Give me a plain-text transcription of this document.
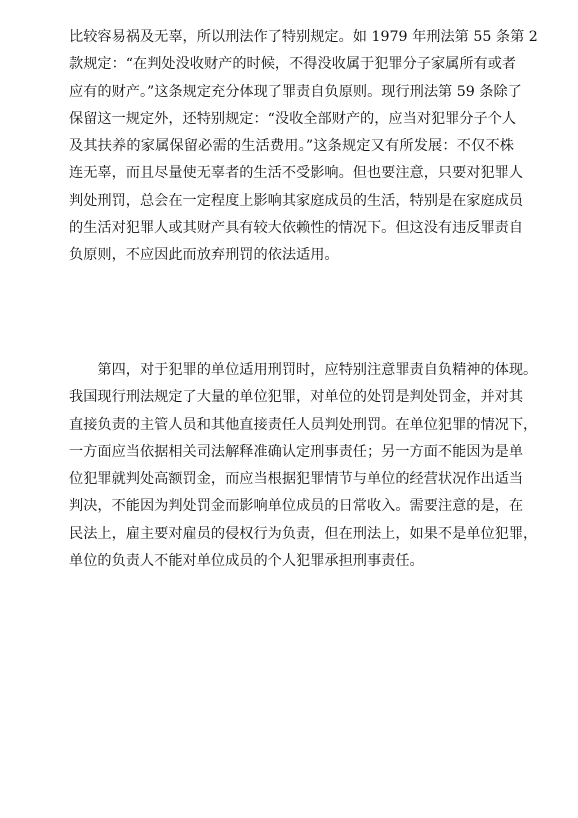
比较容易祸及无辜，所以刑法作了特别规定。如 1979 年刑法第 55 条第 2
款规定：“在判处没收财产的时候，不得没收属于犯罪分子家属所有或者
应有的财产。”这条规定充分体现了罪责自负原则。现行刑法第 59 条除了
保留这一规定外，还特别规定：“没收全部财产的，应当对犯罪分子个人
及其扶养的家属保留必需的生活费用。”这条规定又有所发展：不仅不株
连无辜，而且尽量使无辜者的生活不受影响。但也要注意，只要对犯罪人
判处刑罚，总会在一定程度上影响其家庭成员的生活，特别是在家庭成员
的生活对犯罪人或其财产具有较大依赖性的情况下。但这没有违反罪责自
负原则，不应因此而放弃刑罚的依法适用。

　　第四，对于犯罪的单位适用刑罚时，应特别注意罪责自负精神的体现。
我国现行刑法规定了大量的单位犯罪，对单位的处罚是判处罚金，并对其
直接负责的主管人员和其他直接责任人员判处刑罚。在单位犯罪的情况下，
一方面应当依据相关司法解释准确认定刑事责任；另一方面不能因为是单
位犯罪就判处高额罚金，而应当根据犯罪情节与单位的经营状况作出适当
判决，不能因为判处罚金而影响单位成员的日常收入。需要注意的是，在
民法上，雇主要对雇员的侵权行为负责，但在刑法上，如果不是单位犯罪，
单位的负责人不能对单位成员的个人犯罪承担刑事责任。
